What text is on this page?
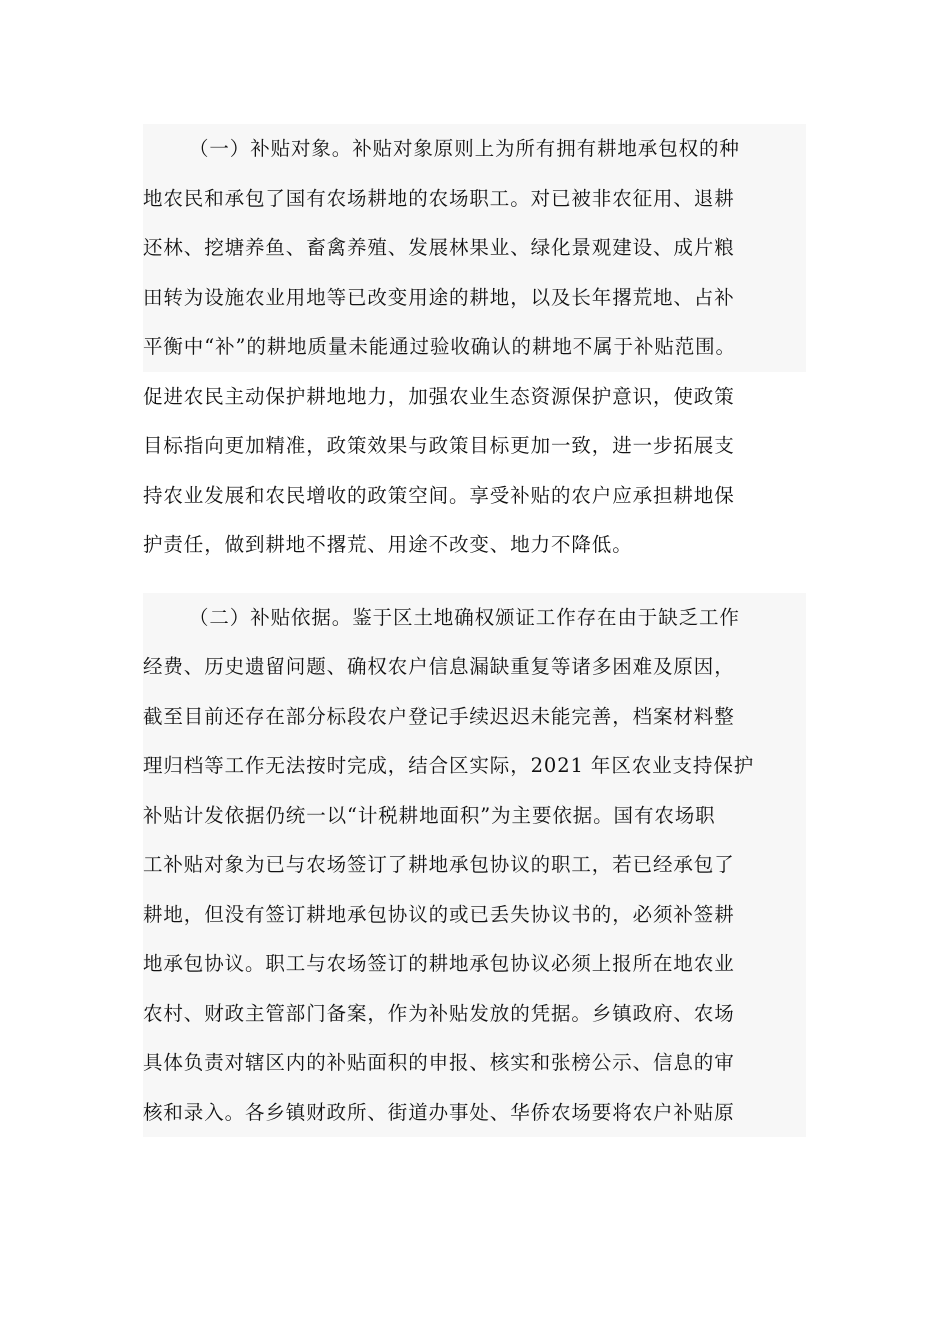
（一）补贴对象。补贴对象原则上为所有拥有耕地承包权的种
地农民和承包了国有农场耕地的农场职工。对已被非农征用、退耕
还林、挖塘养鱼、畜禽养殖、发展林果业、绿化景观建设、成片粮
田转为设施农业用地等已改变用途的耕地，以及长年撂荒地、占补
平衡中“补”的耕地质量未能通过验收确认的耕地不属于补贴范围。
促进农民主动保护耕地地力，加强农业生态资源保护意识，使政策
目标指向更加精准，政策效果与政策目标更加一致，进一步拓展支
持农业发展和农民增收的政策空间。享受补贴的农户应承担耕地保
护责任，做到耕地不撂荒、用途不改变、地力不降低。
（二）补贴依据。鉴于区土地确权颁证工作存在由于缺乏工作
经费、历史遗留问题、确权农户信息漏缺重复等诸多困难及原因，
截至目前还存在部分标段农户登记手续迟迟未能完善，档案材料整
理归档等工作无法按时完成，结合区实际，2021 年区农业支持保护
补贴计发依据仍统一以“计税耕地面积”为主要依据。国有农场职
工补贴对象为已与农场签订了耕地承包协议的职工，若已经承包了
耕地，但没有签订耕地承包协议的或已丢失协议书的，必须补签耕
地承包协议。职工与农场签订的耕地承包协议必须上报所在地农业
农村、财政主管部门备案，作为补贴发放的凭据。乡镇政府、农场
具体负责对辖区内的补贴面积的申报、核实和张榜公示、信息的审
核和录入。各乡镇财政所、街道办事处、华侨农场要将农户补贴原
